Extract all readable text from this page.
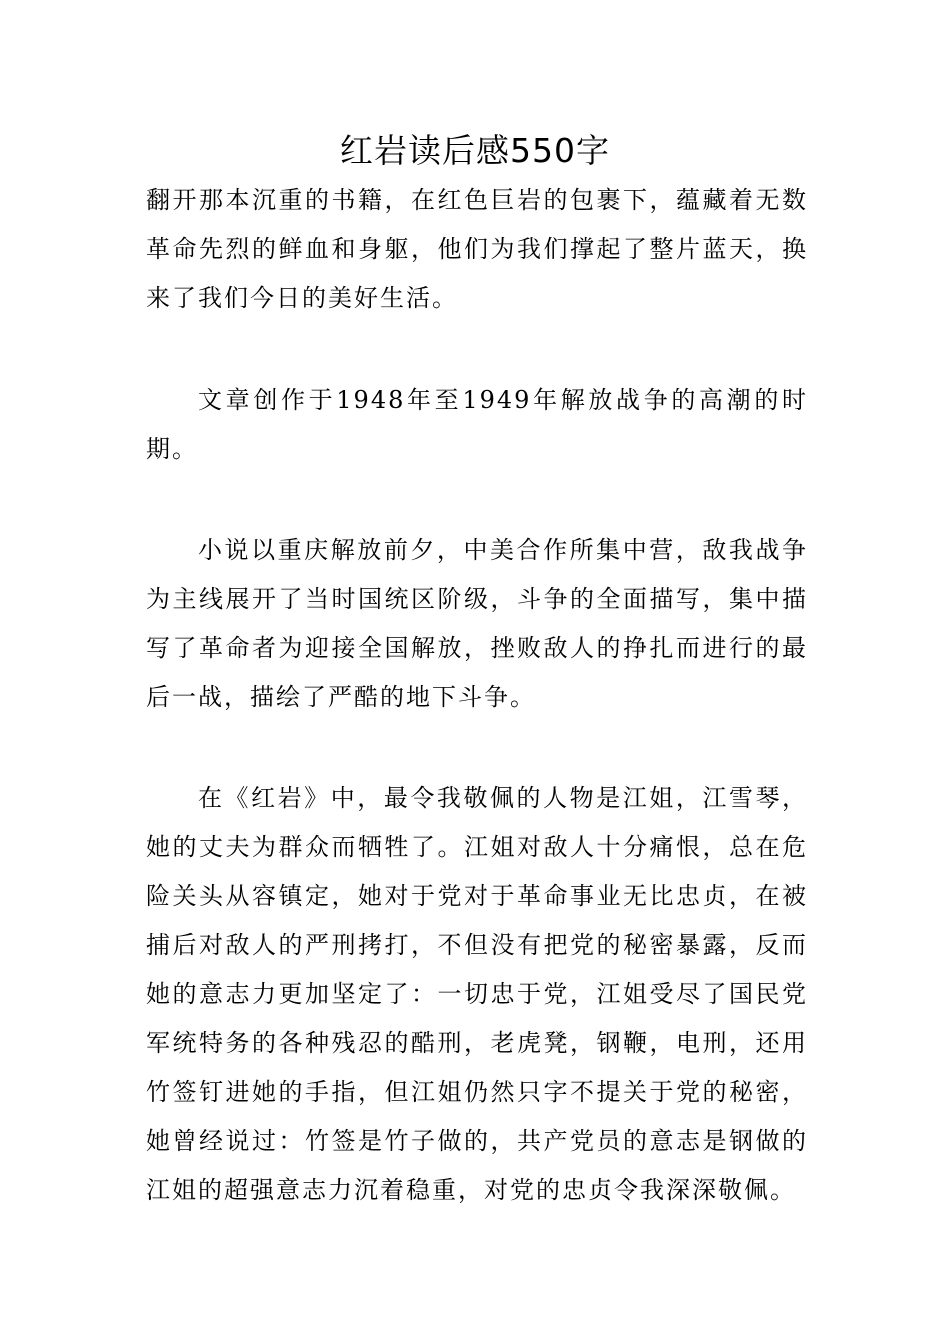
红岩读后感550字

翻开那本沉重的书籍，在红色巨岩的包裹下，蕴藏着无数革命先烈的鲜血和身躯，他们为我们撑起了整片蓝天，换来了我们今日的美好生活。

文章创作于1948年至1949年解放战争的高潮的时期。

小说以重庆解放前夕，中美合作所集中营，敌我战争为主线展开了当时国统区阶级，斗争的全面描写，集中描写了革命者为迎接全国解放，挫败敌人的挣扎而进行的最后一战，描绘了严酷的地下斗争。

在《红岩》中，最令我敬佩的人物是江姐，江雪琴，她的丈夫为群众而牺牲了。江姐对敌人十分痛恨，总在危险关头从容镇定，她对于党对于革命事业无比忠贞，在被捕后对敌人的严刑拷打，不但没有把党的秘密暴露，反而她的意志力更加坚定了：一切忠于党，江姐受尽了国民党军统特务的各种残忍的酷刑，老虎凳，钢鞭，电刑，还用竹签钉进她的手指，但江姐仍然只字不提关于党的秘密，她曾经说过：竹签是竹子做的，共产党员的意志是钢做的江姐的超强意志力沉着稳重，对党的忠贞令我深深敬佩。
